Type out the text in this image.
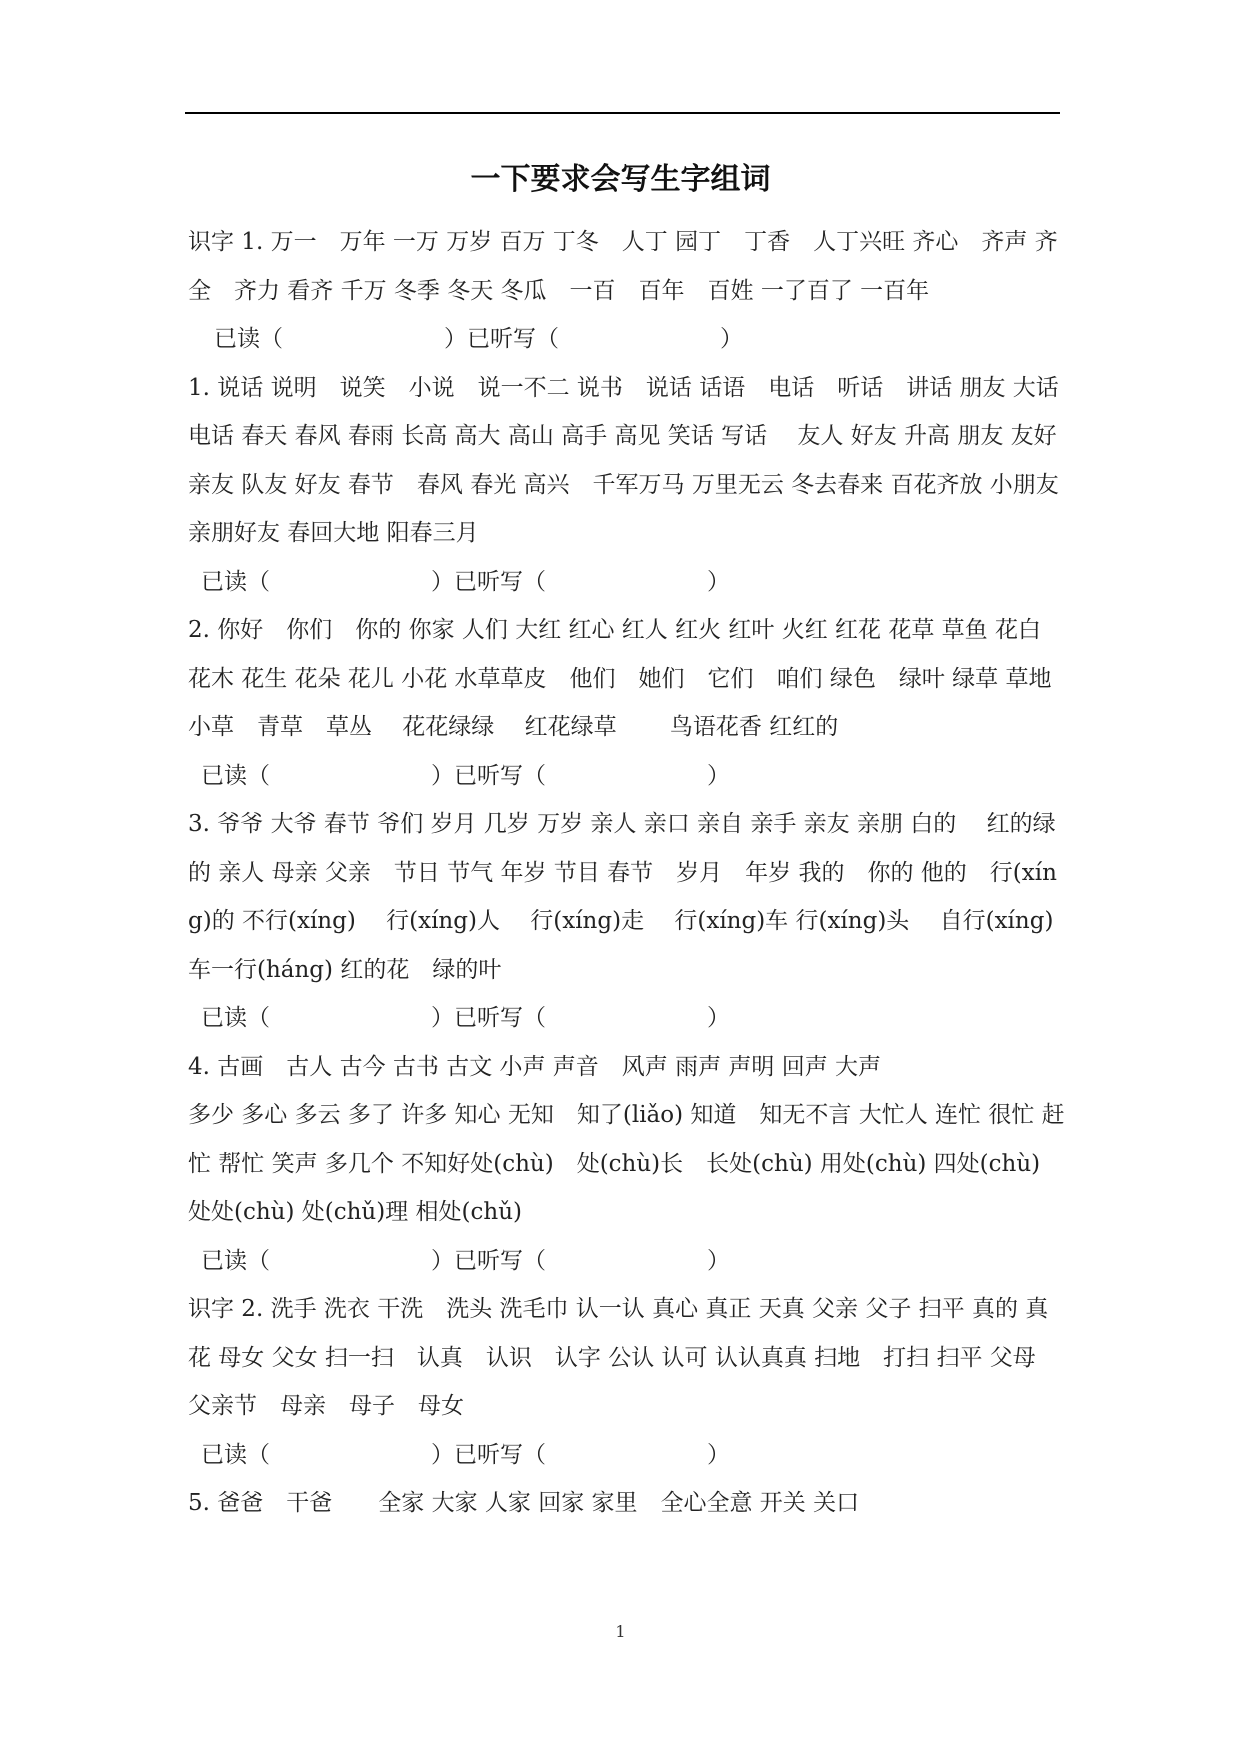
一下要求会写生字组词
识字 1. 万一　万年 一万 万岁 百万 丁冬　人丁 园丁　丁香　人丁兴旺 齐心　齐声 齐全　齐力 看齐 千万 冬季 冬天 冬瓜　一百　百年　百姓 一了百了 一百年
已读（　　　　　　　）已听写（　　　　　　　）
1. 说话 说明　说笑　小说　说一不二 说书　说话 话语　电话　听话　讲话 朋友 大话 电话 春天 春风 春雨 长高 高大 高山 高手 高见 笑话 写话　 友人 好友 升高 朋友 友好　亲友 队友 好友 春节　春风 春光 高兴　千军万马 万里无云 冬去春来 百花齐放 小朋友　亲朋好友 春回大地 阳春三月
已读（　　　　　　　）已听写（　　　　　　　）
2. 你好　你们　你的 你家 人们 大红 红心 红人 红火 红叶 火红 红花 花草 草鱼 花白 花木 花生 花朵 花儿 小花 水草草皮　他们　她们　它们　咱们 绿色　绿叶 绿草 草地　小草　青草　草丛　 花花绿绿　 红花绿草　　 鸟语花香 红红的
已读（　　　　　　　）已听写（　　　　　　　）
3. 爷爷 大爷 春节 爷们 岁月 几岁 万岁 亲人 亲口 亲自 亲手 亲友 亲朋 白的　 红的绿的 亲人 母亲 父亲　节日 节气 年岁 节目 春节　岁月　年岁 我的　你的 他的　行(xíng)的 不行(xíng)　 行(xíng)人　 行(xíng)走　 行(xíng)车 行(xíng)头　 自行(xíng)车一行(háng) 红的花　绿的叶
已读（　　　　　　　）已听写（　　　　　　　）
4. 古画　古人 古今 古书 古文 小声 声音　风声 雨声 声明 回声 大声
多少 多心 多云 多了 许多 知心 无知　知了(liǎo) 知道　知无不言 大忙人 连忙 很忙 赶忙 帮忙 笑声 多几个 不知好处(chù)　处(chù)长　长处(chù) 用处(chù) 四处(chù) 处处(chù) 处(chǔ)理 相处(chǔ)
已读（　　　　　　　）已听写（　　　　　　　）
识字 2. 洗手 洗衣 干洗　洗头 洗毛巾 认一认 真心 真正 天真 父亲 父子 扫平 真的 真花 母女 父女 扫一扫　认真　认识　认字 公认 认可 认认真真 扫地　打扫 扫平 父母　父亲节　母亲　母子　母女
已读（　　　　　　　）已听写（　　　　　　　）
5. 爸爸　干爸　　全家 大家 人家 回家 家里　全心全意 开关 关口
1
